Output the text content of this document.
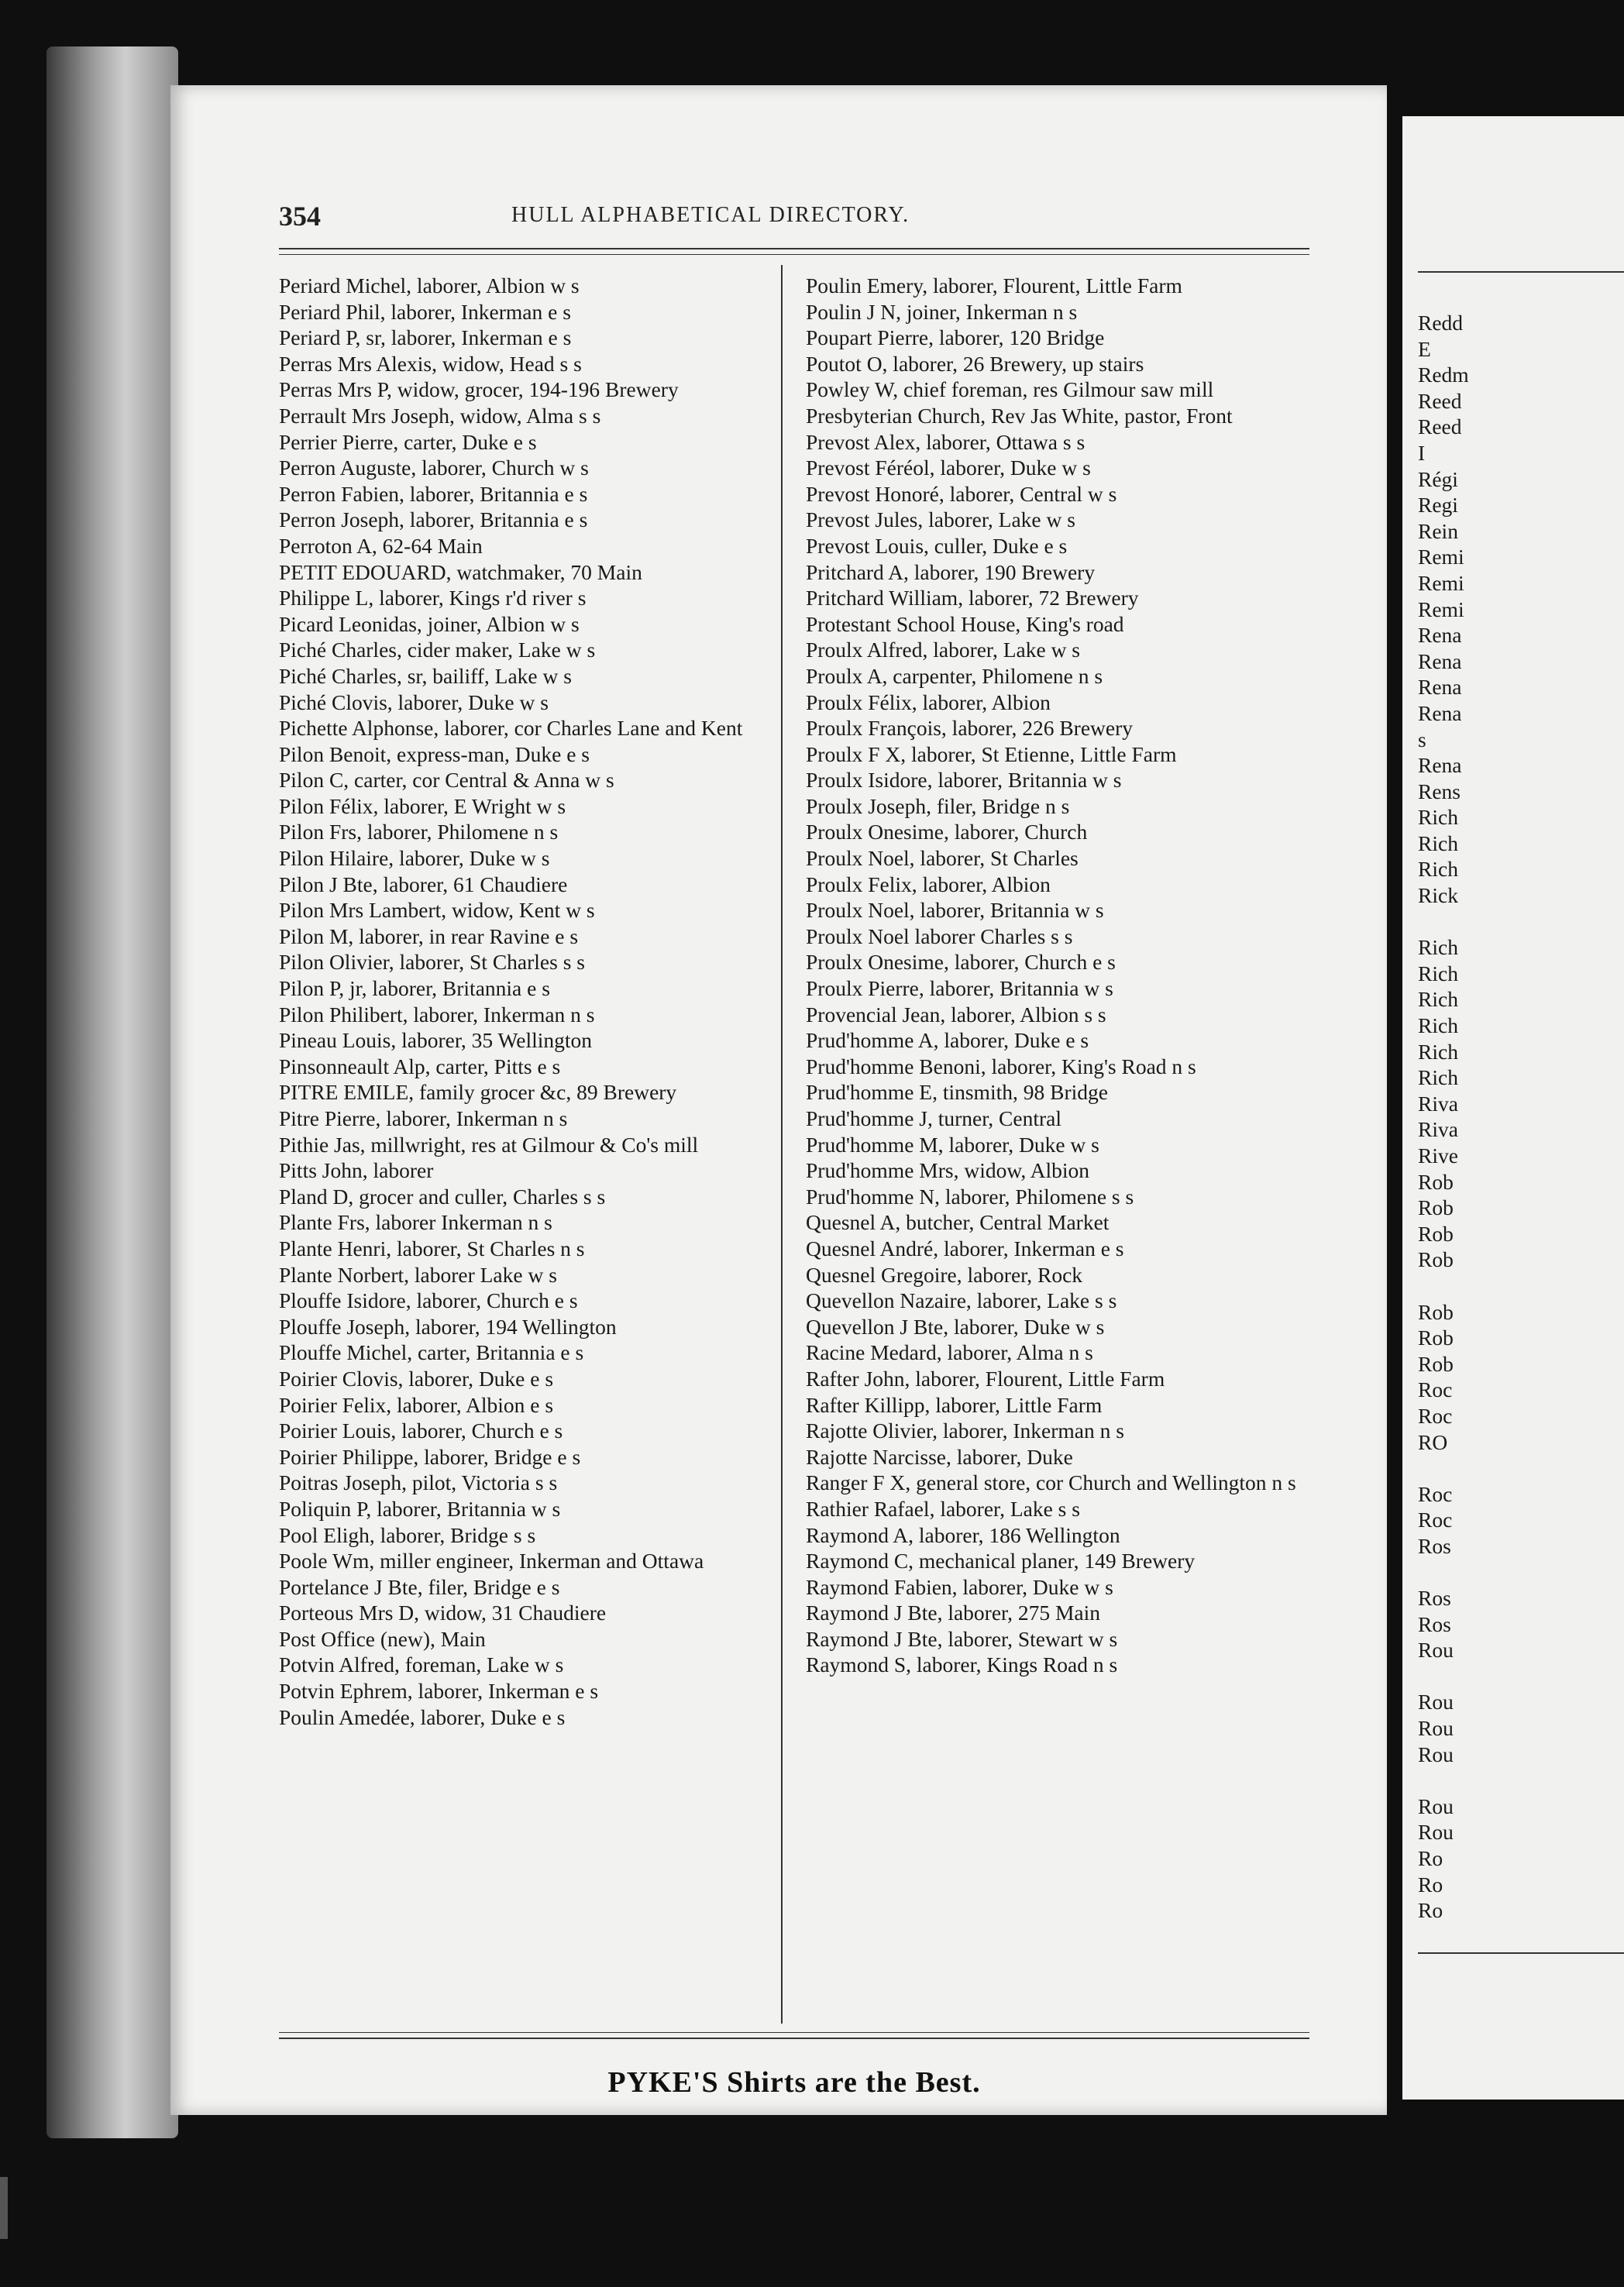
354	HULL ALPHABETICAL DIRECTORY.
Periard Michel, laborer, Albion w s
Periard Phil, laborer, Inkerman e s
Periard P, sr, laborer, Inkerman e s
Perras Mrs Alexis, widow, Head s s
Perras Mrs P, widow, grocer, 194-196 Brewery
Perrault Mrs Joseph, widow, Alma s s
Perrier Pierre, carter, Duke e s
Perron Auguste, laborer, Church w s
Perron Fabien, laborer, Britannia e s
Perron Joseph, laborer, Britannia e s
Perroton A, 62-64 Main
PETIT EDOUARD, watchmaker, 70 Main
Philippe L, laborer, Kings r'd river s
Picard Leonidas, joiner, Albion w s
Piché Charles, cider maker, Lake w s
Piché Charles, sr, bailiff, Lake w s
Piché Clovis, laborer, Duke w s
Pichette Alphonse, laborer, cor Charles Lane and Kent
Pilon Benoit, express-man, Duke e s
Pilon C, carter, cor Central & Anna w s
Pilon Félix, laborer, E Wright w s
Pilon Frs, laborer, Philomene n s
Pilon Hilaire, laborer, Duke w s
Pilon J Bte, laborer, 61 Chaudiere
Pilon Mrs Lambert, widow, Kent w s
Pilon M, laborer, in rear Ravine e s
Pilon Olivier, laborer, St Charles s s
Pilon P, jr, laborer, Britannia e s
Pilon Philibert, laborer, Inkerman n s
Pineau Louis, laborer, 35 Wellington
Pinsonneault Alp, carter, Pitts e s
PITRE EMILE, family grocer &c, 89 Brewery
Pitre Pierre, laborer, Inkerman n s
Pithie Jas, millwright, res at Gilmour & Co's mill
Pitts John, laborer
Pland D, grocer and culler, Charles s s
Plante Frs, laborer Inkerman n s
Plante Henri, laborer, St Charles n s
Plante Norbert, laborer Lake w s
Plouffe Isidore, laborer, Church e s
Plouffe Joseph, laborer, 194 Wellington
Plouffe Michel, carter, Britannia e s
Poirier Clovis, laborer, Duke e s
Poirier Felix, laborer, Albion e s
Poirier Louis, laborer, Church e s
Poirier Philippe, laborer, Bridge e s
Poitras Joseph, pilot, Victoria s s
Poliquin P, laborer, Britannia w s
Pool Eligh, laborer, Bridge s s
Poole Wm, miller engineer, Inkerman and Ottawa
Portelance J Bte, filer, Bridge e s
Porteous Mrs D, widow, 31 Chaudiere
Post Office (new), Main
Potvin Alfred, foreman, Lake w s
Potvin Ephrem, laborer, Inkerman e s
Poulin Amedée, laborer, Duke e s
Poulin Emery, laborer, Flourent, Little Farm
Poulin J N, joiner, Inkerman n s
Poupart Pierre, laborer, 120 Bridge
Poutot O, laborer, 26 Brewery, up stairs
Powley W, chief foreman, res Gilmour saw mill
Presbyterian Church, Rev Jas White, pastor, Front
Prevost Alex, laborer, Ottawa s s
Prevost Féréol, laborer, Duke w s
Prevost Honoré, laborer, Central w s
Prevost Jules, laborer, Lake w s
Prevost Louis, culler, Duke e s
Pritchard A, laborer, 190 Brewery
Pritchard William, laborer, 72 Brewery
Protestant School House, King's road
Proulx Alfred, laborer, Lake w s
Proulx A, carpenter, Philomene n s
Proulx Félix, laborer, Albion
Proulx François, laborer, 226 Brewery
Proulx F X, laborer, St Etienne, Little Farm
Proulx Isidore, laborer, Britannia w s
Proulx Joseph, filer, Bridge n s
Proulx Onesime, laborer, Church
Proulx Noel, laborer, St Charles
Proulx Felix, laborer, Albion
Proulx Noel, laborer, Britannia w s
Proulx Noel laborer Charles s s
Proulx Onesime, laborer, Church e s
Proulx Pierre, laborer, Britannia w s
Provencial Jean, laborer, Albion s s
Prud'homme A, laborer, Duke e s
Prud'homme Benoni, laborer, King's Road n s
Prud'homme E, tinsmith, 98 Bridge
Prud'homme J, turner, Central
Prud'homme M, laborer, Duke w s
Prud'homme Mrs, widow, Albion
Prud'homme N, laborer, Philomene s s
Quesnel A, butcher, Central Market
Quesnel André, laborer, Inkerman e s
Quesnel Gregoire, laborer, Rock
Quevellon Nazaire, laborer, Lake s s
Quevellon J Bte, laborer, Duke w s
Racine Medard, laborer, Alma n s
Rafter John, laborer, Flourent, Little Farm
Rafter Killipp, laborer, Little Farm
Rajotte Olivier, laborer, Inkerman n s
Rajotte Narcisse, laborer, Duke
Ranger F X, general store, cor Church and Wellington n s
Rathier Rafael, laborer, Lake s s
Raymond A, laborer, 186 Wellington
Raymond C, mechanical planer, 149 Brewery
Raymond Fabien, laborer, Duke w s
Raymond J Bte, laborer, 275 Main
Raymond J Bte, laborer, Stewart w s
Raymond S, laborer, Kings Road n s
PYKE'S Shirts are the Best.
Redd
E
Redm
Reed
Reed
I
Régi
Regi
Rein
Remi
Remi
Remi
Rena
Rena
Rena
Rena
s
Rena
Rens
Rich
Rich
Rich
Rick
Rich
Rich
Rich
Rich
Rich
Rich
Riva
Riva
Rive
Rob
Rob
Rob
Rob
Rob
Rob
Rob
Roc
Roc
RO
Roc
Roc
Ros
Ros
Ros
Rou
Rou
Rou
Rou
Rou
Rou
Ro
Ro
Ro
